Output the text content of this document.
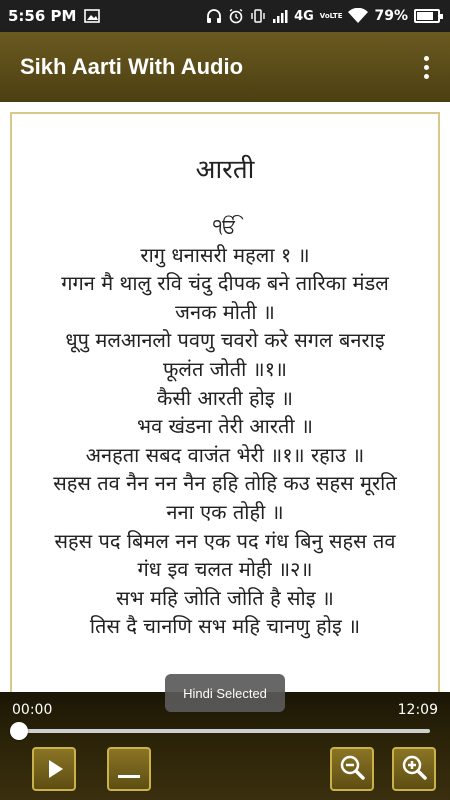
5:56 PM	4G VoLTE 79%
Sikh Aarti With Audio
आरती
ੴ
रागु धनासरी महला १ ॥
गगन मै थालु रवि चंदु दीपक बने तारिका मंडल
जनक मोती ॥
धूपु मलआनलो पवणु चवरो करे सगल बनराइ
फूलंत जोती ॥१॥
कैसी आरती होइ ॥
भव खंडना तेरी आरती ॥
अनहता सबद वाजंत भेरी ॥१॥ रहाउ ॥
सहस तव नैन नन नैन हहि तोहि कउ सहस मूरति
नना एक तोही ॥
सहस पद बिमल नन एक पद गंध बिनु सहस तव
गंध इव चलत मोही ॥२॥
सभ महि जोति जोति है सोइ ॥
तिस दै चानणि सभ महि चानणु होइ ॥
00:00	12:09
Hindi Selected
